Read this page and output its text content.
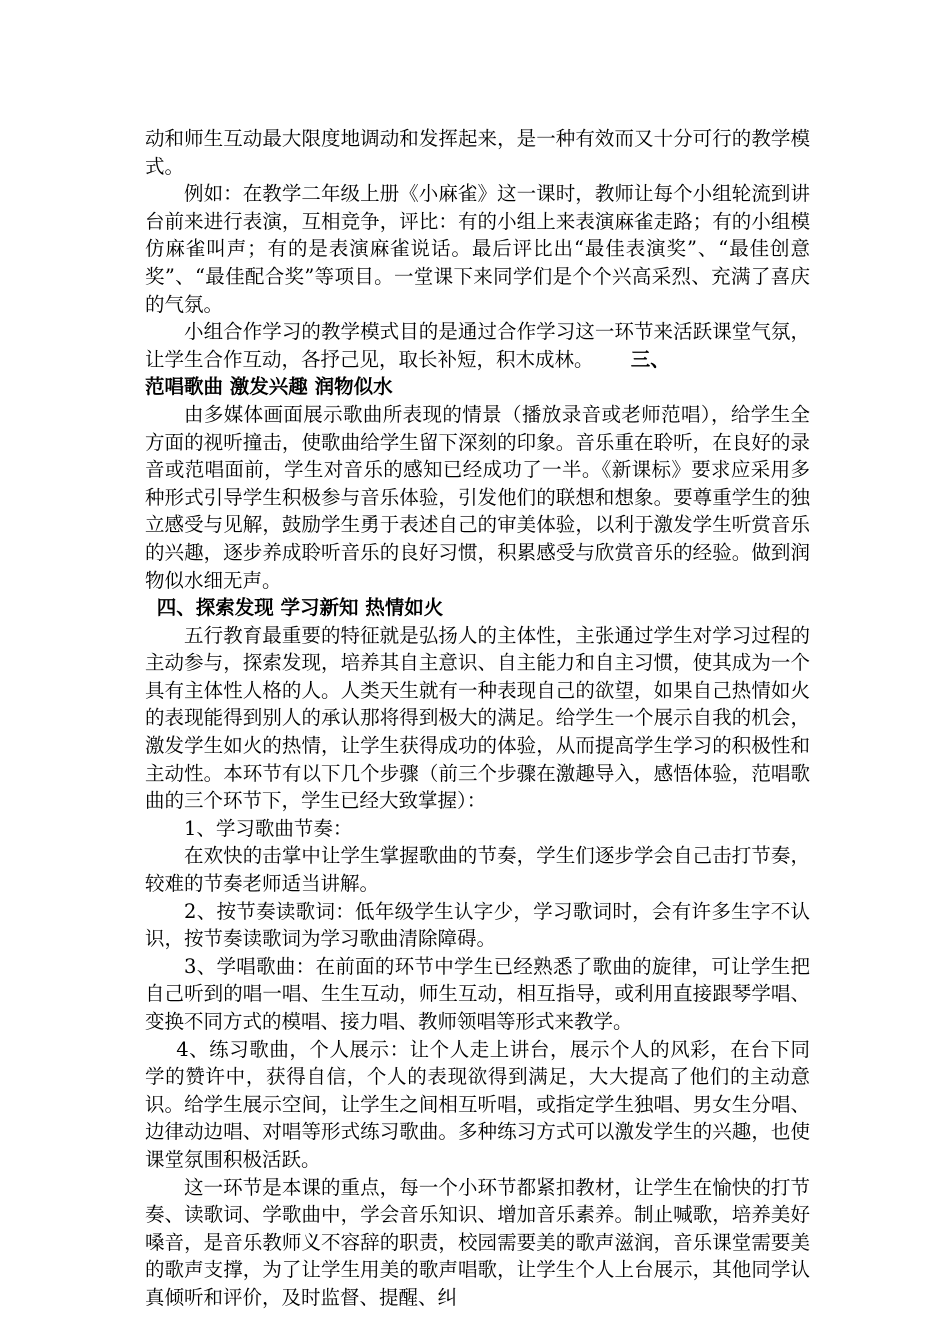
动和师生互动最大限度地调动和发挥起来，是一种有效而又十分可行的教学模式。

例如：在教学二年级上册《小麻雀》这一课时，教师让每个小组轮流到讲台前来进行表演，互相竞争，评比：有的小组上来表演麻雀走路；有的小组模仿麻雀叫声；有的是表演麻雀说话。最后评比出“最佳表演奖”、“最佳创意奖”、“最佳配合奖”等项目。一堂课下来同学们是个个兴高采烈、充满了喜庆的气氛。

小组合作学习的教学模式目的是通过合作学习这一环节来活跃课堂气氛，让学生合作互动，各抒己见，取长补短，积木成林。 三、

范唱歌曲 激发兴趣 润物似水

由多媒体画面展示歌曲所表现的情景（播放录音或老师范唱），给学生全方面的视听撞击，使歌曲给学生留下深刻的印象。音乐重在聆听，在良好的录音或范唱面前，学生对音乐的感知已经成功了一半。《新课标》要求应采用多种形式引导学生积极参与音乐体验，引发他们的联想和想象。要尊重学生的独立感受与见解，鼓励学生勇于表述自己的审美体验，以利于激发学生听赏音乐的兴趣，逐步养成聆听音乐的良好习惯，积累感受与欣赏音乐的经验。做到润物似水细无声。

四、探索发现 学习新知 热情如火

五行教育最重要的特征就是弘扬人的主体性，主张通过学生对学习过程的主动参与，探索发现，培养其自主意识、自主能力和自主习惯，使其成为一个具有主体性人格的人。人类天生就有一种表现自己的欲望，如果自己热情如火的表现能得到别人的承认那将得到极大的满足。给学生一个展示自我的机会，激发学生如火的热情，让学生获得成功的体验，从而提高学生学习的积极性和主动性。本环节有以下几个步骤（前三个步骤在激趣导入，感悟体验，范唱歌曲的三个环节下，学生已经大致掌握）：

1、学习歌曲节奏：

在欢快的击掌中让学生掌握歌曲的节奏，学生们逐步学会自己击打节奏，较难的节奏老师适当讲解。

2、按节奏读歌词：低年级学生认字少，学习歌词时，会有许多生字不认识，按节奏读歌词为学习歌曲清除障碍。

3、学唱歌曲：在前面的环节中学生已经熟悉了歌曲的旋律，可让学生把自己听到的唱一唱、生生互动，师生互动，相互指导，或利用直接跟琴学唱、变换不同方式的模唱、接力唱、教师领唱等形式来教学。

4、练习歌曲，个人展示：让个人走上讲台，展示个人的风彩，在台下同学的赞许中，获得自信，个人的表现欲得到满足，大大提高了他们的主动意识。给学生展示空间，让学生之间相互听唱，或指定学生独唱、男女生分唱、边律动边唱、对唱等形式练习歌曲。多种练习方式可以激发学生的兴趣，也使课堂氛围积极活跃。

这一环节是本课的重点，每一个小环节都紧扣教材，让学生在愉快的打节奏、读歌词、学歌曲中，学会音乐知识、增加音乐素养。制止喊歌，培养美好嗓音，是音乐教师义不容辞的职责，校园需要美的歌声滋润，音乐课堂需要美的歌声支撑，为了让学生用美的歌声唱歌，让学生个人上台展示，其他同学认真倾听和评价，及时监督、提醒、纠
